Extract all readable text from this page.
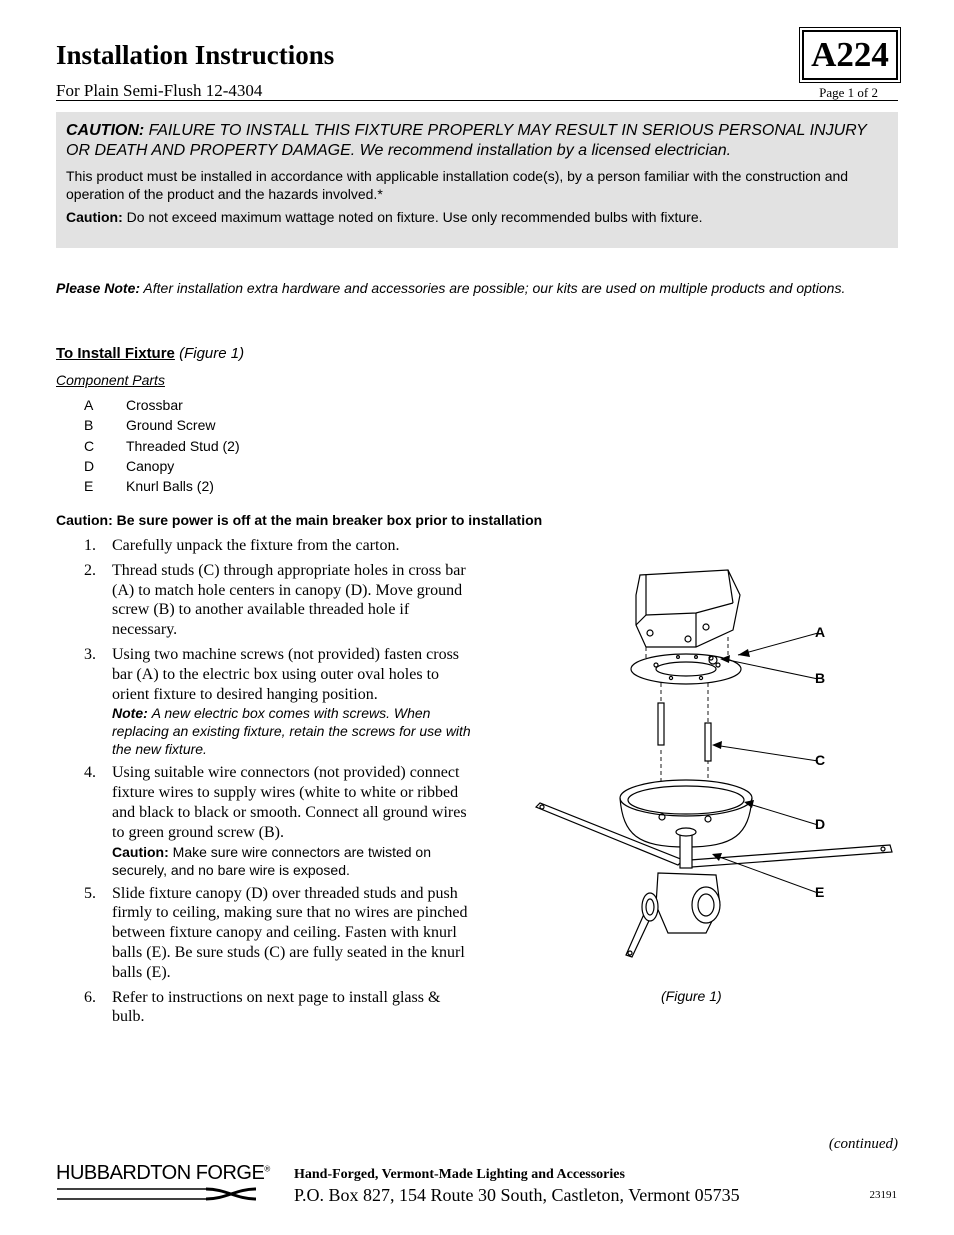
Installation Instructions	A224
For Plain Semi-Flush 12-4304	Page 1 of 2
CAUTION: FAILURE TO INSTALL THIS FIXTURE PROPERLY MAY RESULT IN SERIOUS PERSONAL INJURY OR DEATH AND PROPERTY DAMAGE. We recommend installation by a licensed electrician.
This product must be installed in accordance with applicable installation code(s), by a person familiar with the construction and operation of the product and the hazards involved.*
Caution: Do not exceed maximum wattage noted on fixture. Use only recommended bulbs with fixture.
Please Note: After installation extra hardware and accessories are possible; our kits are used on multiple products and options.
To Install Fixture (Figure 1)
Component Parts
A	Crossbar
B	Ground Screw
C	Threaded Stud (2)
D	Canopy
E	Knurl Balls (2)
Caution: Be sure power is off at the main breaker box prior to installation
1.	Carefully unpack the fixture from the carton.
2.	Thread studs (C) through appropriate holes in cross bar (A) to match hole centers in canopy (D). Move ground screw (B) to another available threaded hole if necessary.
3.	Using two machine screws (not provided) fasten cross bar (A) to the electric box using outer oval holes to orient fixture to desired hanging position.
Note: A new electric box comes with screws. When replacing an existing fixture, retain the screws for use with the new fixture.
4.	Using suitable wire connectors (not provided) connect fixture wires to supply wires (white to white or ribbed and black to black or smooth. Connect all ground wires to green ground screw (B).
Caution: Make sure wire connectors are twisted on securely, and no bare wire is exposed.
5.	Slide fixture canopy (D) over threaded studs and push firmly to ceiling, making sure that no wires are pinched between fixture canopy and ceiling. Fasten with knurl balls (E). Be sure studs (C) are fully seated in the knurl balls (E).
6.	Refer to instructions on next page to install glass & bulb.
A
B
C
D
E
(Figure 1)
(continued)
HUBBARDTON FORGE® Hand-Forged, Vermont-Made Lighting and Accessories
P.O. Box 827, 154 Route 30 South, Castleton, Vermont 05735	23191
